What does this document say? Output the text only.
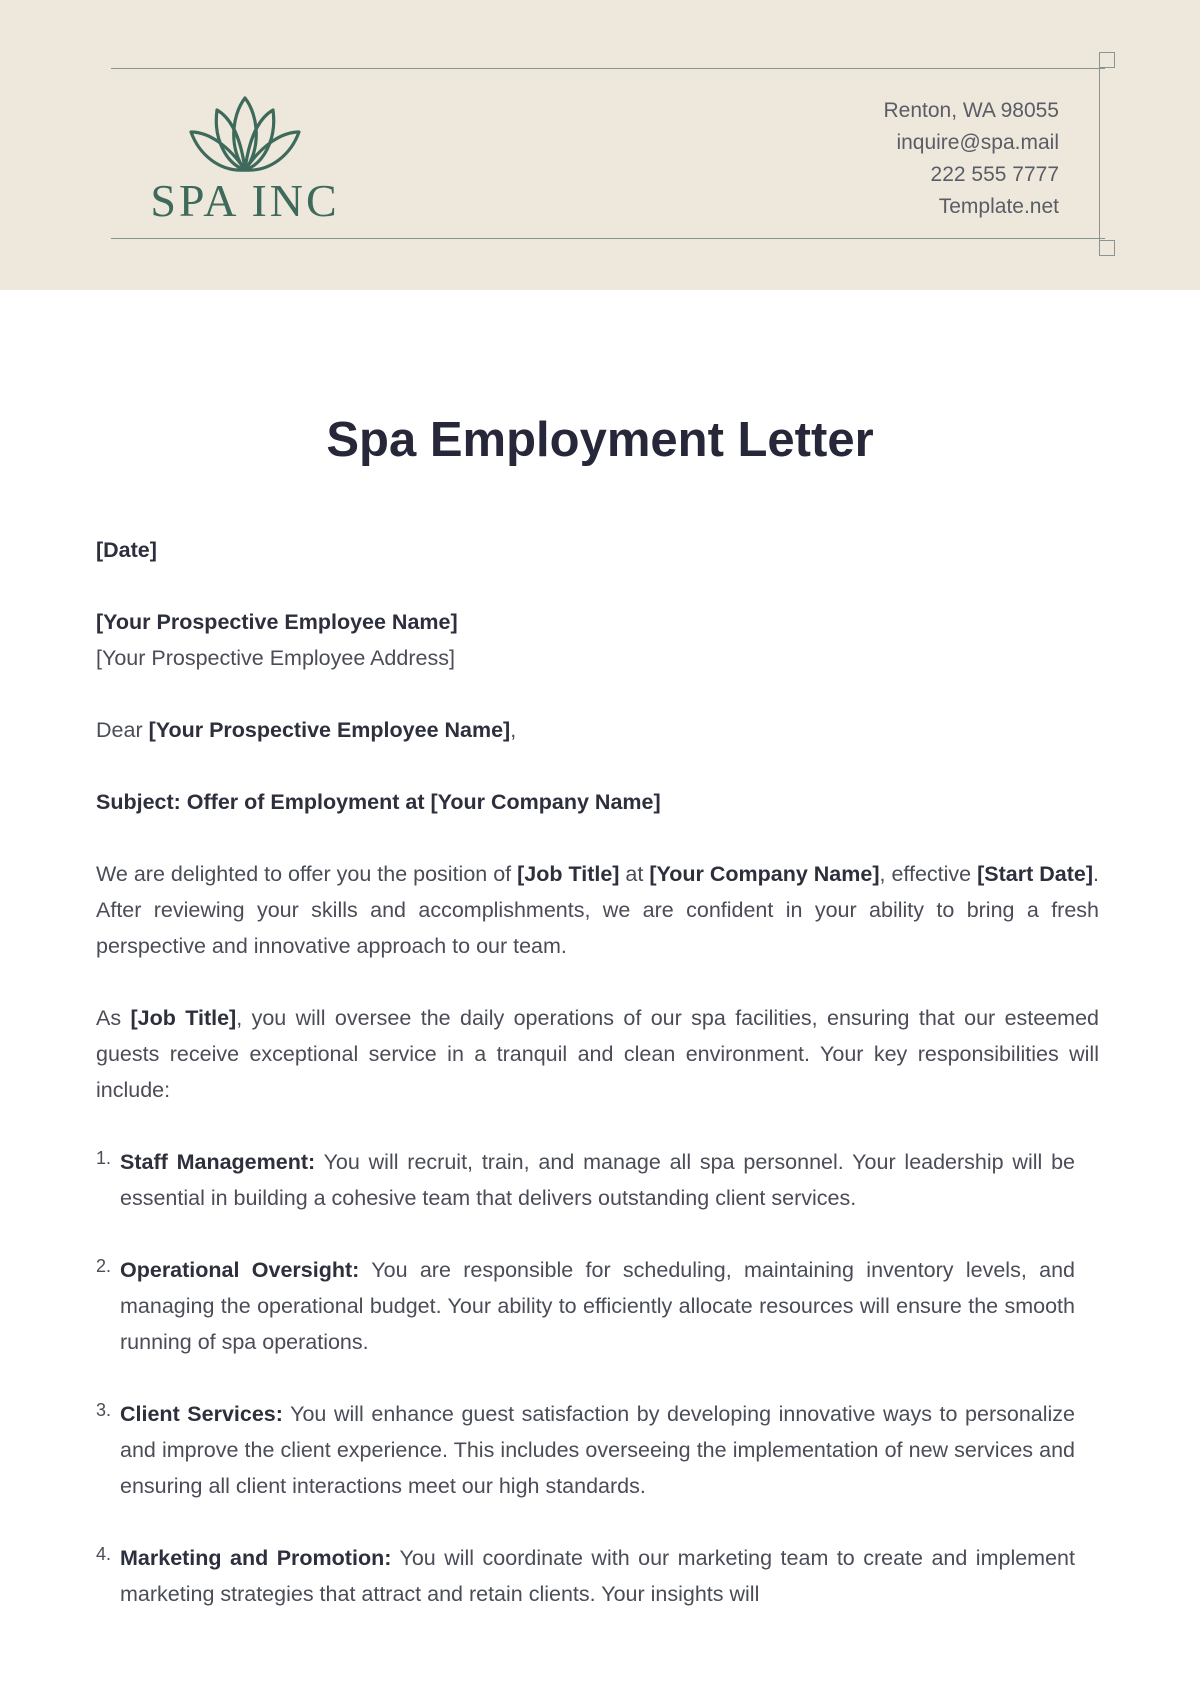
SPA INC
Renton, WA 98055
inquire@spa.mail
222 555 7777
Template.net
Spa Employment Letter

[Date]

[Your Prospective Employee Name]
[Your Prospective Employee Address]

Dear [Your Prospective Employee Name],

Subject: Offer of Employment at [Your Company Name]

We are delighted to offer you the position of [Job Title] at [Your Company Name], effective [Start Date]. After reviewing your skills and accomplishments, we are confident in your ability to bring a fresh perspective and innovative approach to our team.

As [Job Title], you will oversee the daily operations of our spa facilities, ensuring that our esteemed guests receive exceptional service in a tranquil and clean environment. Your key responsibilities will include:

1. Staff Management: You will recruit, train, and manage all spa personnel. Your leadership will be essential in building a cohesive team that delivers outstanding client services.
2. Operational Oversight: You are responsible for scheduling, maintaining inventory levels, and managing the operational budget. Your ability to efficiently allocate resources will ensure the smooth running of spa operations.
3. Client Services: You will enhance guest satisfaction by developing innovative ways to personalize and improve the client experience. This includes overseeing the implementation of new services and ensuring all client interactions meet our high standards.
4. Marketing and Promotion: You will coordinate with our marketing team to create and implement marketing strategies that attract and retain clients. Your insights will
